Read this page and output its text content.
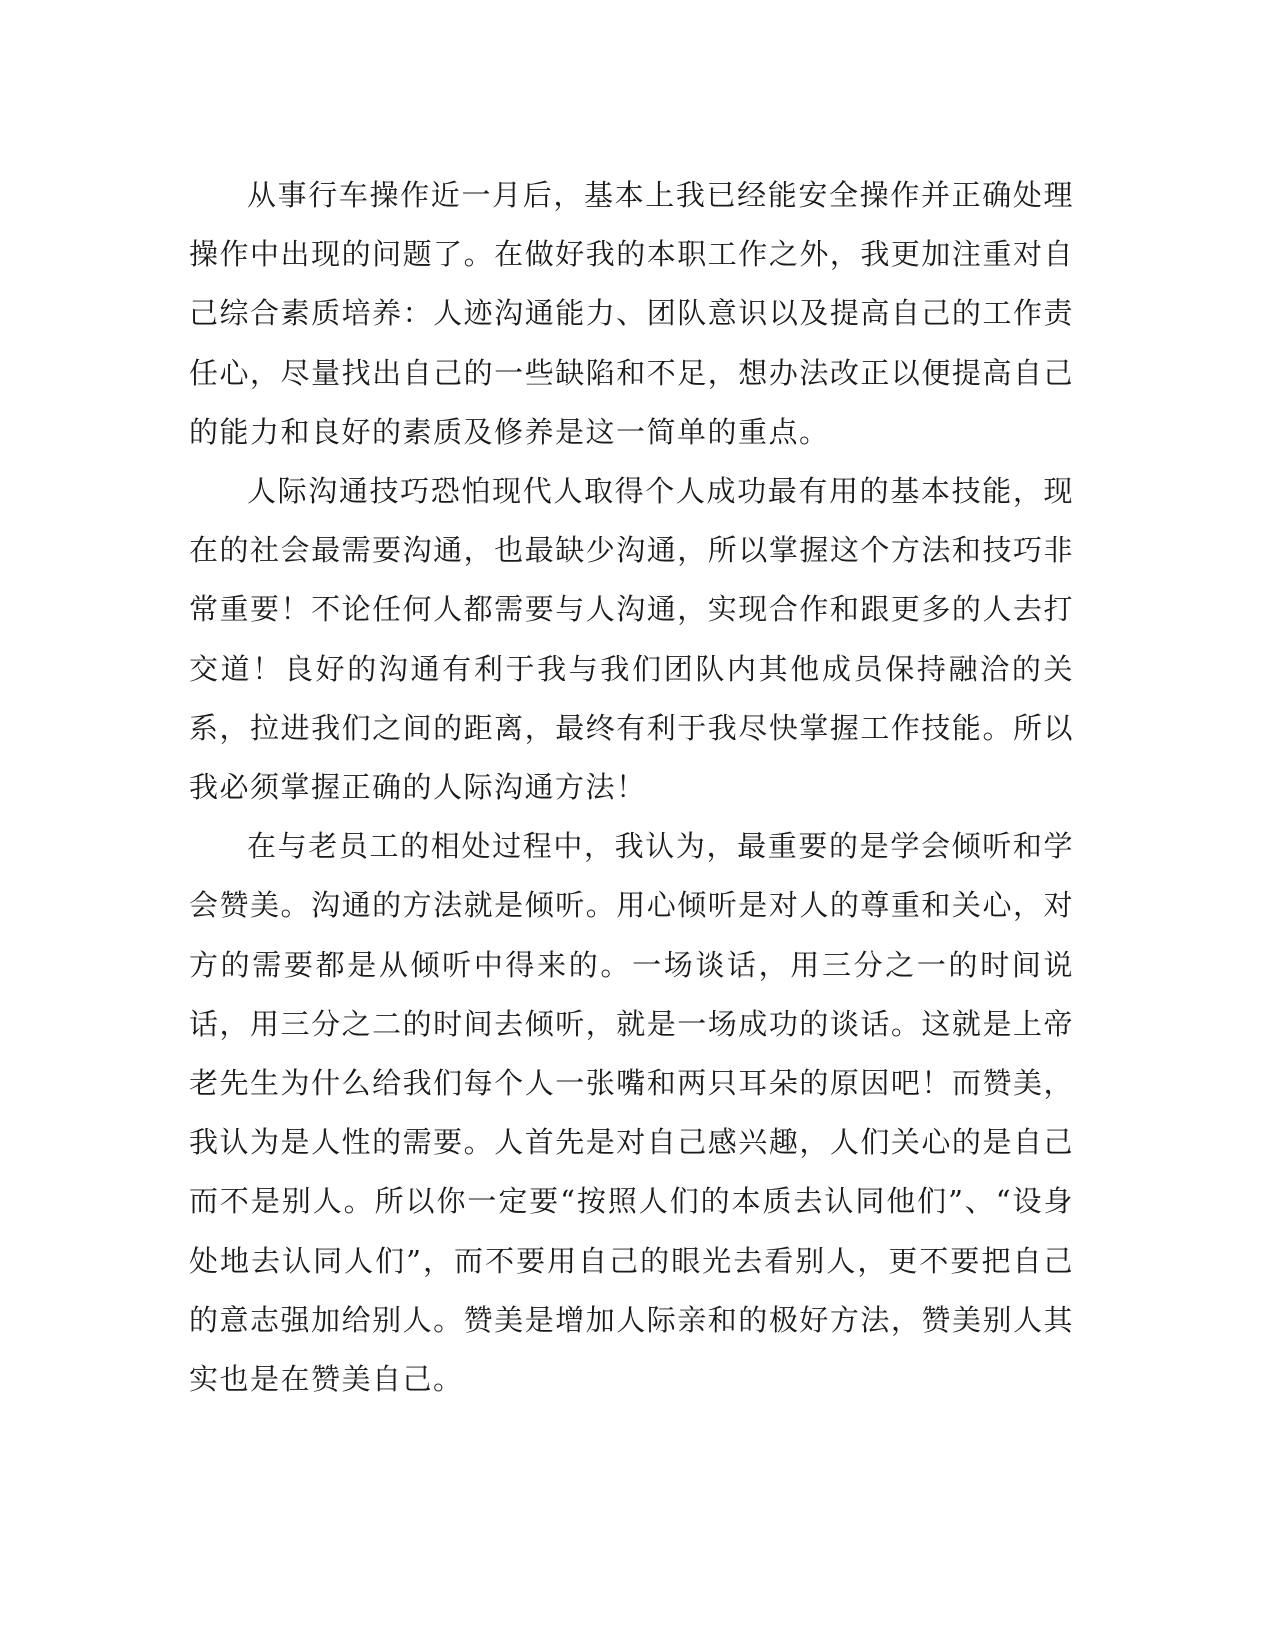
从事行车操作近一月后，基本上我已经能安全操作并正确处理操作中出现的问题了。在做好我的本职工作之外，我更加注重对自己综合素质培养：人迹沟通能力、团队意识以及提高自己的工作责任心，尽量找出自己的一些缺陷和不足，想办法改正以便提高自己的能力和良好的素质及修养是这一简单的重点。

人际沟通技巧恐怕现代人取得个人成功最有用的基本技能，现在的社会最需要沟通，也最缺少沟通，所以掌握这个方法和技巧非常重要！不论任何人都需要与人沟通，实现合作和跟更多的人去打交道！良好的沟通有利于我与我们团队内其他成员保持融洽的关系，拉进我们之间的距离，最终有利于我尽快掌握工作技能。所以我必须掌握正确的人际沟通方法！

在与老员工的相处过程中，我认为，最重要的是学会倾听和学会赞美。沟通的方法就是倾听。用心倾听是对人的尊重和关心，对方的需要都是从倾听中得来的。一场谈话，用三分之一的时间说话，用三分之二的时间去倾听，就是一场成功的谈话。这就是上帝老先生为什么给我们每个人一张嘴和两只耳朵的原因吧！而赞美，我认为是人性的需要。人首先是对自己感兴趣，人们关心的是自己而不是别人。所以你一定要“按照人们的本质去认同他们”、“设身处地去认同人们”，而不要用自己的眼光去看别人，更不要把自己的意志强加给别人。赞美是增加人际亲和的极好方法，赞美别人其实也是在赞美自己。
